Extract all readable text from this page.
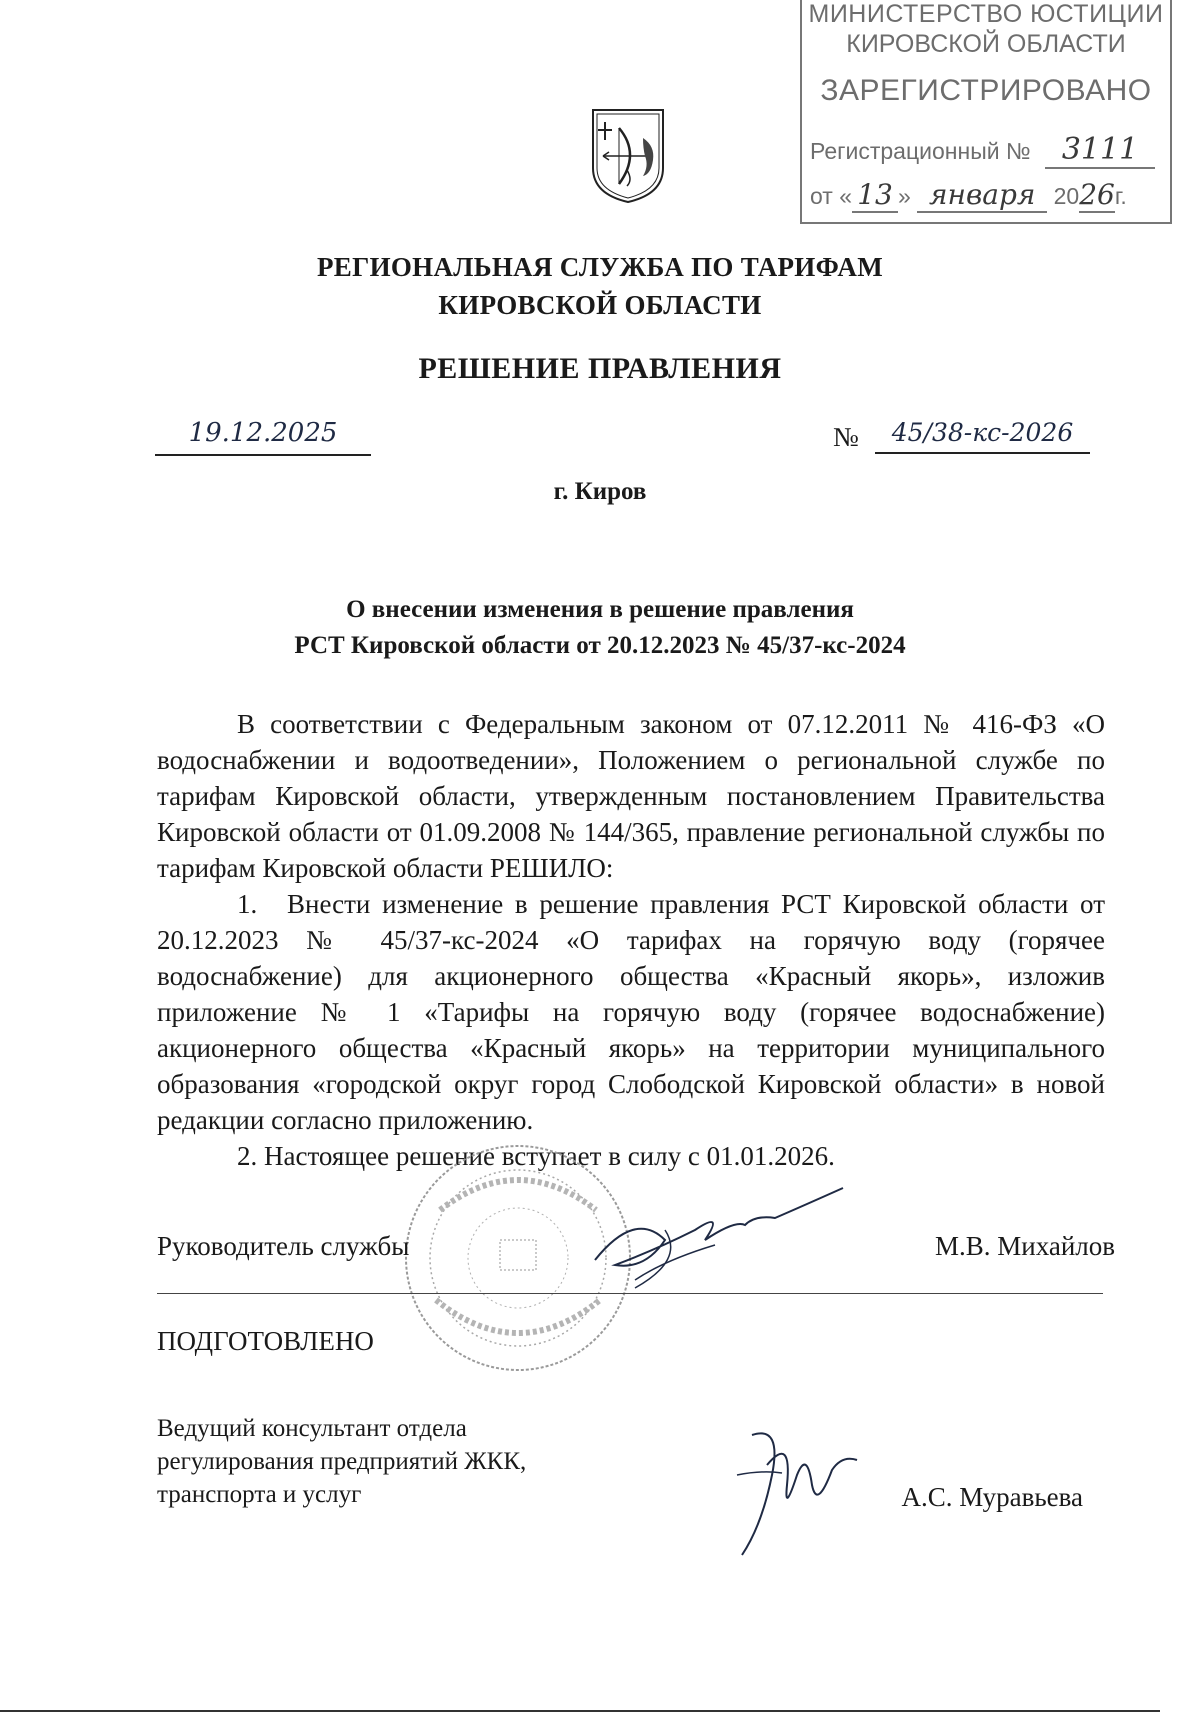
МИНИСТЕРСТВО ЮСТИЦИИ
КИРОВСКОЙ ОБЛАСТИ
ЗАРЕГИСТРИРОВАНО
Регистрационный № 3111
от « 13 » января 2026г.
РЕГИОНАЛЬНАЯ СЛУЖБА ПО ТАРИФАМ
КИРОВСКОЙ ОБЛАСТИ
РЕШЕНИЕ ПРАВЛЕНИЯ
19.12.2025	№	45/38-кс-2026
г. Киров
О внесении изменения в решение правления
РСТ Кировской области от 20.12.2023 № 45/37-кс-2024

В соответствии с Федеральным законом от 07.12.2011 № 416-ФЗ «О водоснабжении и водоотведении», Положением о региональной службе по тарифам Кировской области, утвержденным постановлением Правительства Кировской области от 01.09.2008 № 144/365, правление региональной службы по тарифам Кировской области РЕШИЛО:

1. Внести изменение в решение правления РСТ Кировской области от 20.12.2023 № 45/37-кс-2024 «О тарифах на горячую воду (горячее водоснабжение) для акционерного общества «Красный якорь», изложив приложение № 1 «Тарифы на горячую воду (горячее водоснабжение) акционерного общества «Красный якорь» на территории муниципального образования «городской округ город Слободской Кировской области» в новой редакции согласно приложению.

2. Настоящее решение вступает в силу с 01.01.2026.

Руководитель службы	М.В. Михайлов
ПОДГОТОВЛЕНО
Ведущий консультант отдела
регулирования предприятий ЖКК,
транспорта и услуг	А.С. Муравьева
